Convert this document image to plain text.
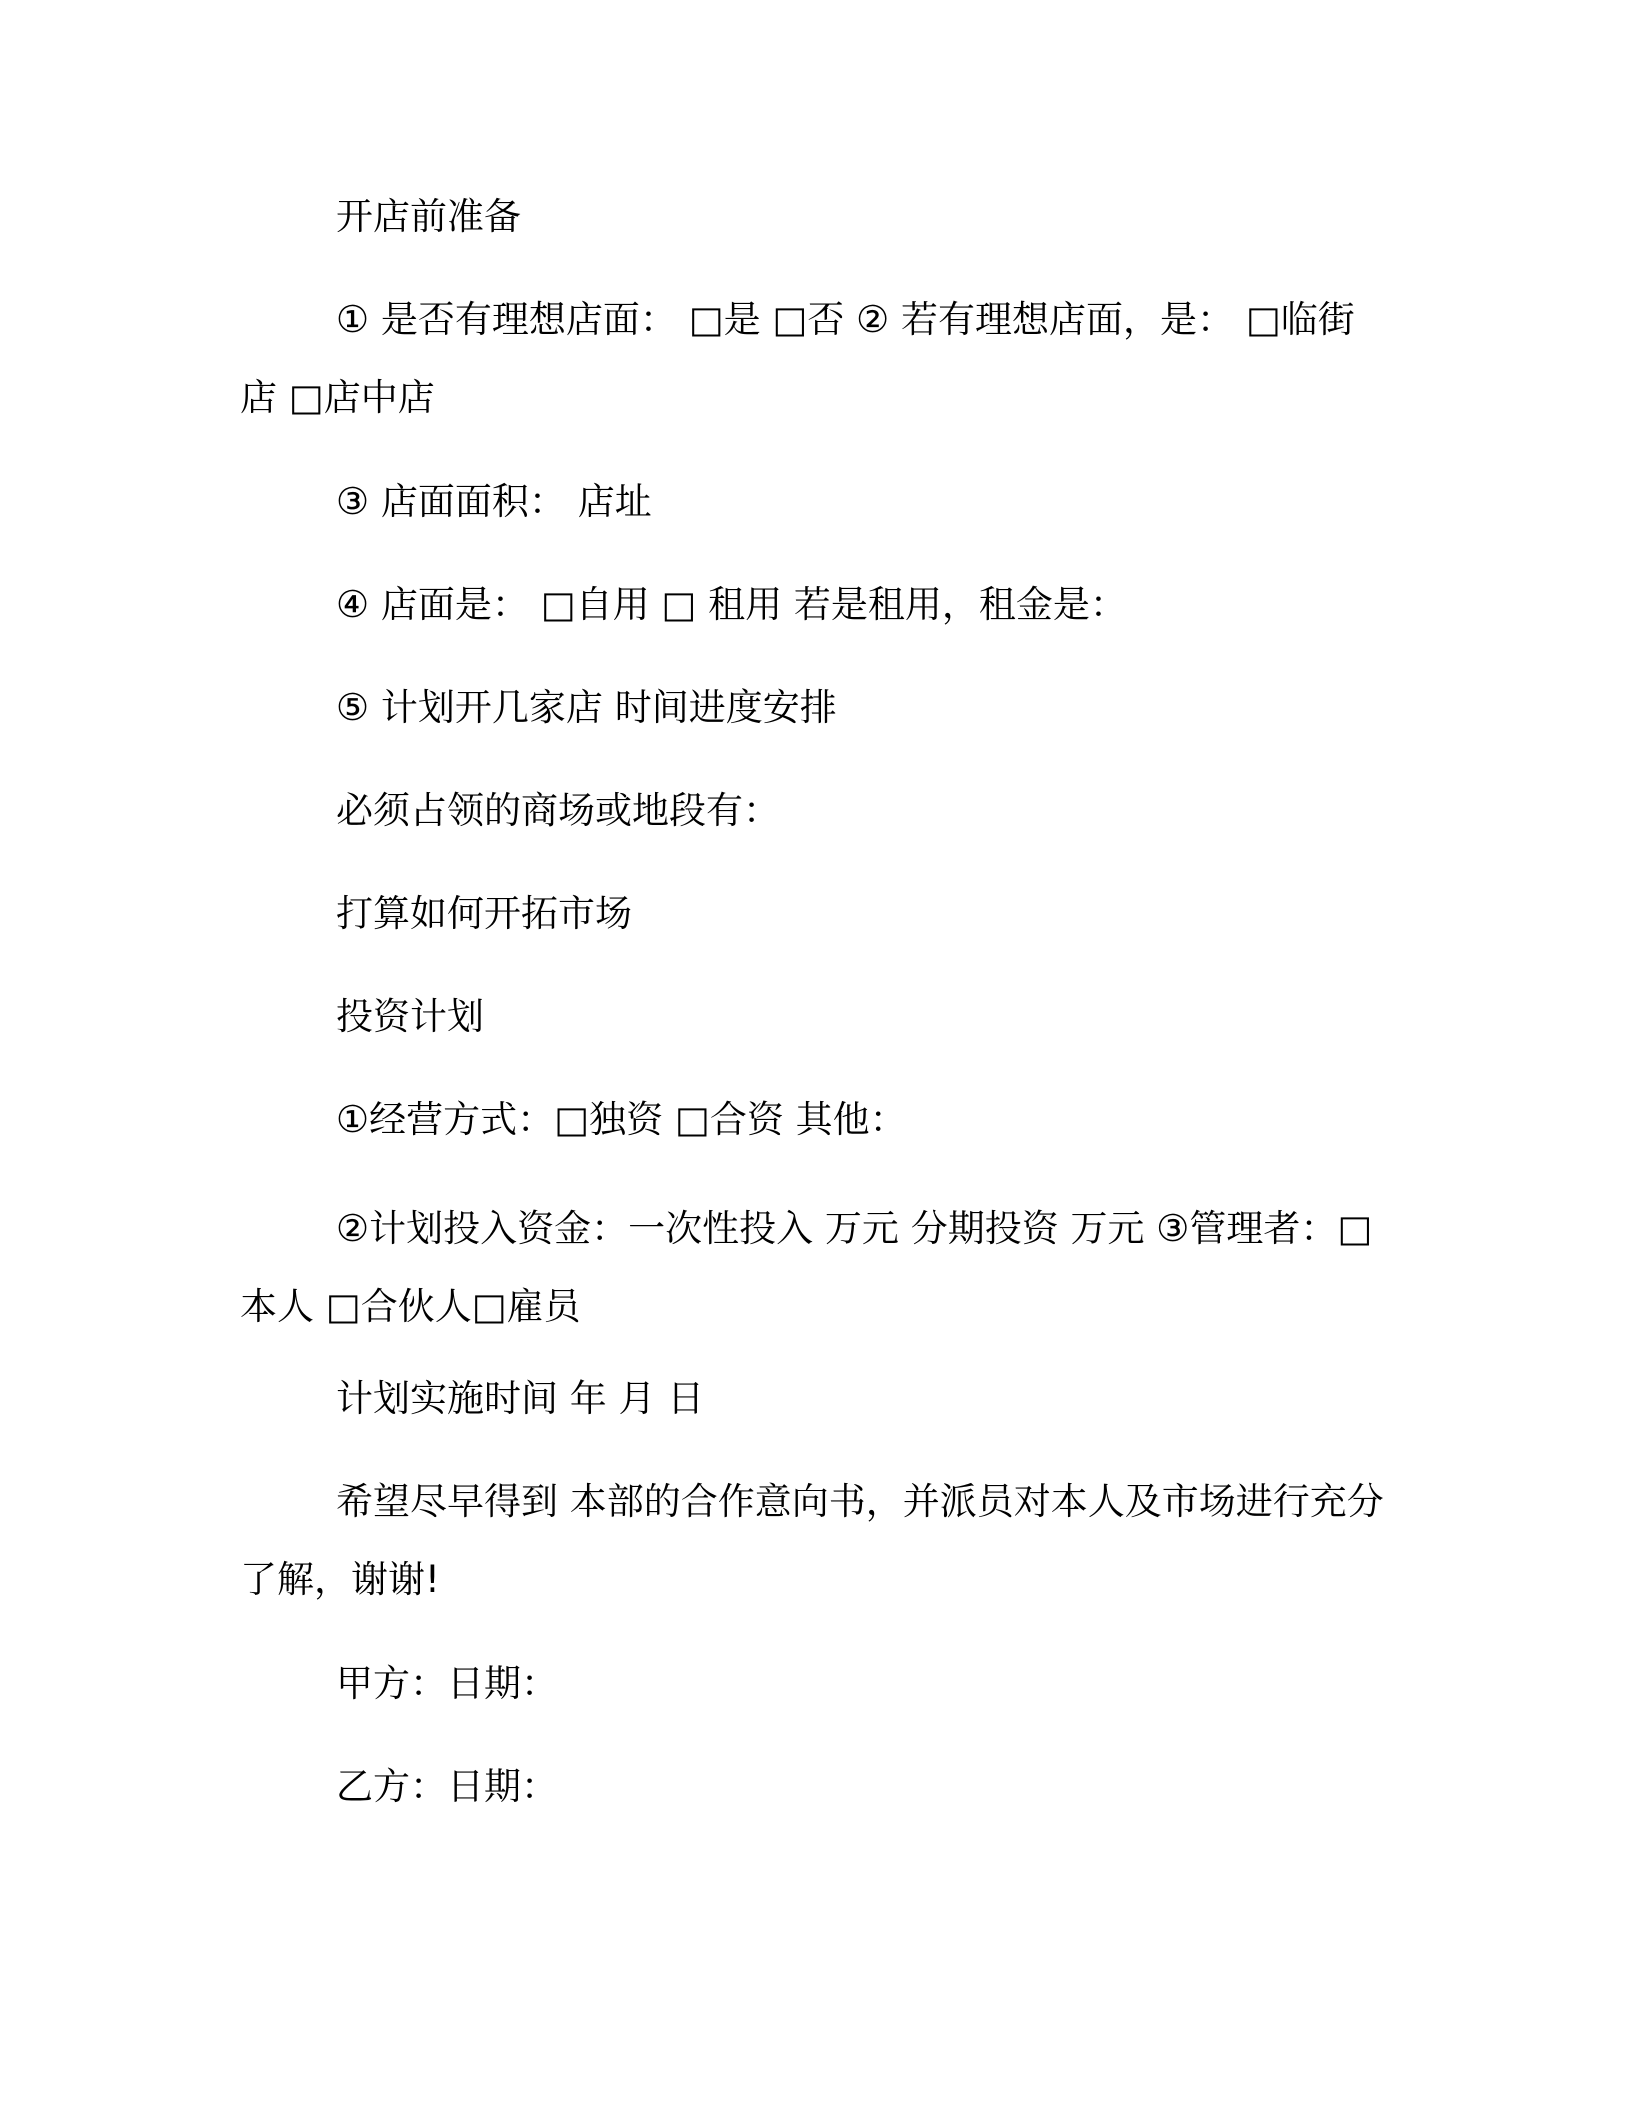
开店前准备
① 是否有理想店面： □是 □否 ② 若有理想店面，是： □临街
店 □店中店
③ 店面面积： 店址
④ 店面是： □自用 □ 租用 若是租用，租金是：
⑤ 计划开几家店 时间进度安排
必须占领的商场或地段有：
打算如何开拓市场
投资计划
①经营方式：□独资 □合资 其他：
②计划投入资金：一次性投入 万元 分期投资 万元 ③管理者：□
本人 □合伙人□雇员
计划实施时间 年 月 日
希望尽早得到 本部的合作意向书，并派员对本人及市场进行充分
了解，谢谢!
甲方：日期：
乙方：日期：
